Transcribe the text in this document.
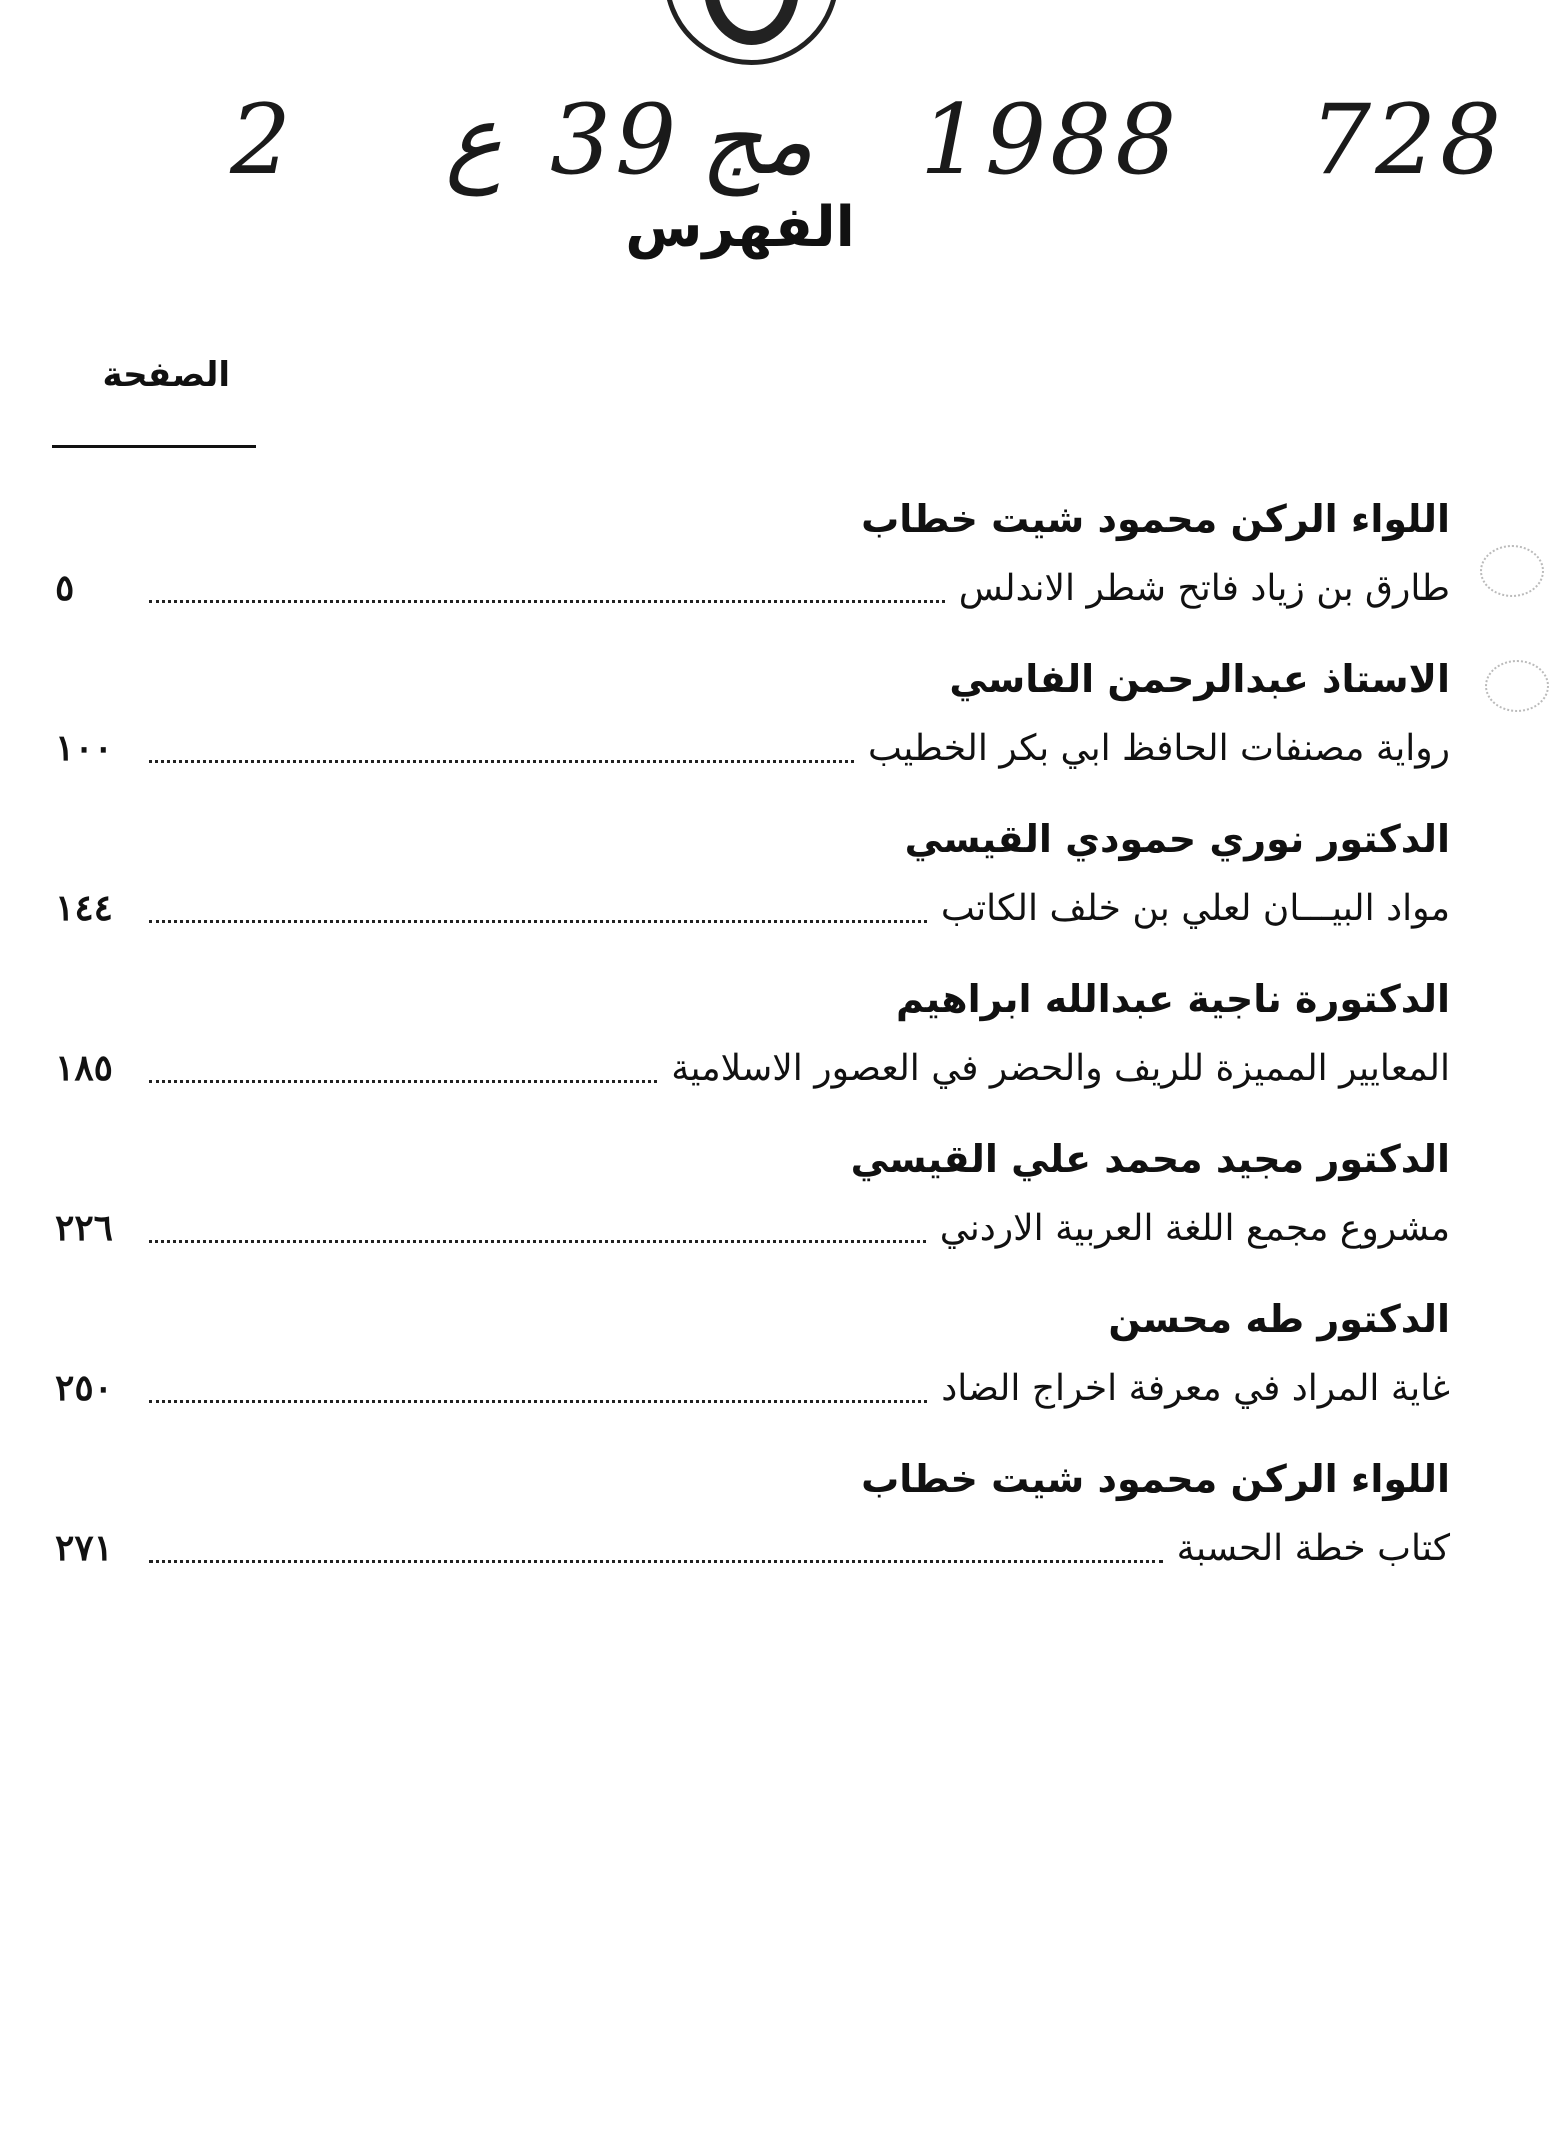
2 ع 39 مج 1988 728
الفهرس
الصفحة
اللواء الركن محمود شيت خطاب
طارق بن زياد فاتح شطر الاندلس
٥
الاستاذ عبدالرحمن الفاسي
رواية مصنفات الحافظ ابي بكر الخطيب
١٠٠
الدكتور نوري حمودي القيسي
مواد البيـــان لعلي بن خلف الكاتب
١٤٤
الدكتورة ناجية عبدالله ابراهيم
المعايير المميزة للريف والحضر في العصور الاسلامية
١٨٥
الدكتور مجيد محمد علي القيسي
مشروع مجمع اللغة العربية الاردني
٢٢٦
الدكتور طه محسن
غاية المراد في معرفة اخراج الضاد
٢٥٠
اللواء الركن محمود شيت خطاب
كتاب خطة الحسبة
٢٧١
